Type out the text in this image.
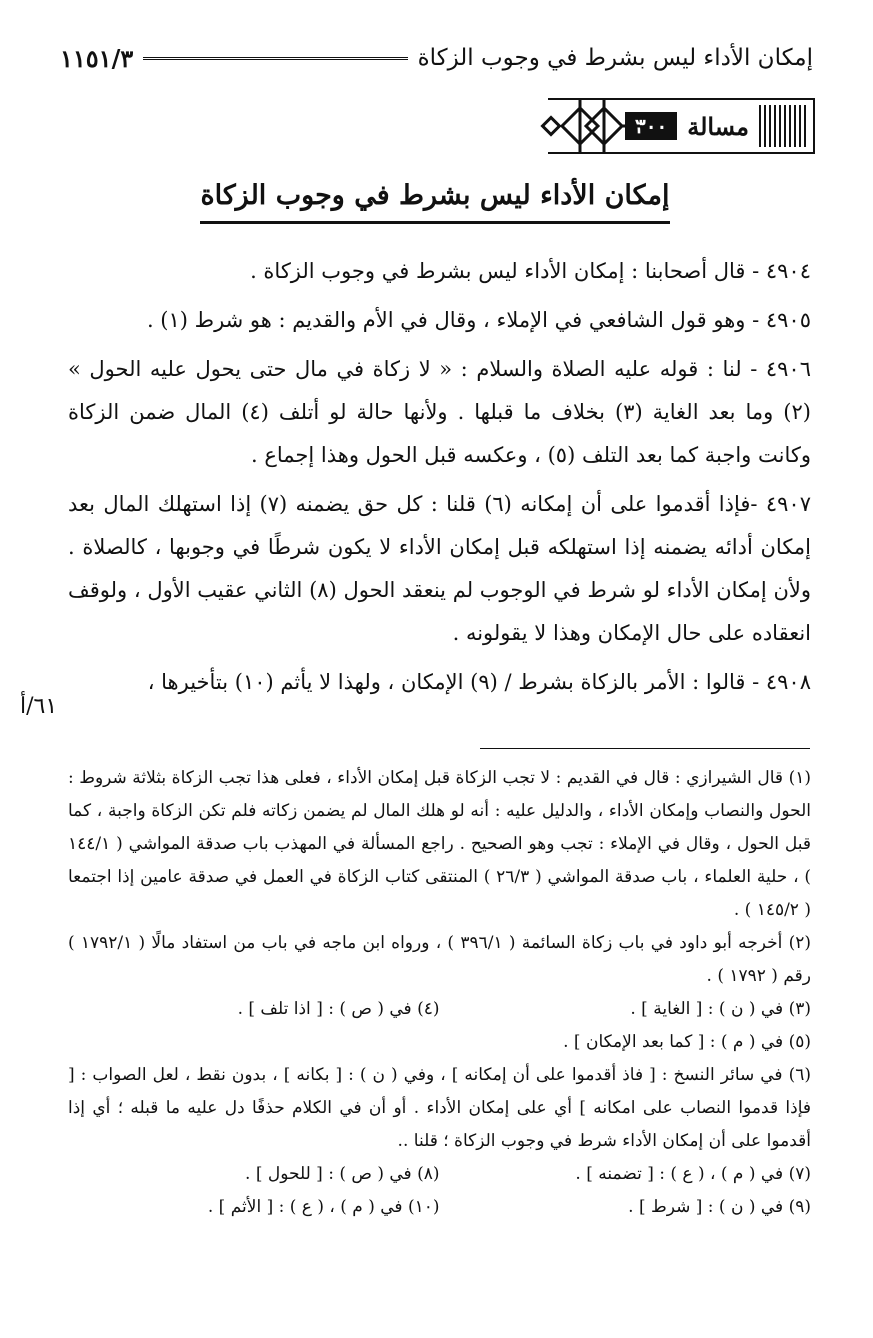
إمكان الأداء ليس بشرط في وجوب الزكاة
١١٥١/٣
مسالة
٣٠٠
إمكان الأداء ليس بشرط في وجوب الزكاة

٤٩٠٤ - قال أصحابنا : إمكان الأداء ليس بشرط في وجوب الزكاة .

٤٩٠٥ - وهو قول الشافعي في الإملاء ، وقال في الأم والقديم : هو شرط (١) .

٤٩٠٦ - لنا : قوله عليه الصلاة والسلام : « لا زكاة في مال حتى يحول عليه الحول » (٢) وما بعد الغاية (٣) بخلاف ما قبلها . ولأنها حالة لو أتلف (٤) المال ضمن الزكاة وكانت واجبة كما بعد التلف (٥) ، وعكسه قبل الحول وهذا إجماع .

٤٩٠٧ -فإذا أقدموا على أن إمكانه (٦) قلنا : كل حق يضمنه (٧) إذا استهلك المال بعد إمكان أدائه يضمنه إذا استهلكه قبل إمكان الأداء لا يكون شرطًا في وجوبها ، كالصلاة . ولأن إمكان الأداء لو شرط في الوجوب لم ينعقد الحول (٨) الثاني عقيب الأول ، ولوقف انعقاده على حال الإمكان وهذا لا يقولونه .

٤٩٠٨ - قالوا : الأمر بالزكاة بشرط / (٩) الإمكان ، ولهذا لا يأثم (١٠) بتأخيرها ،

٦١/أ

(١) قال الشيرازي : قال في القديم : لا تجب الزكاة قبل إمكان الأداء ، فعلى هذا تجب الزكاة بثلاثة شروط : الحول والنصاب وإمكان الأداء ، والدليل عليه : أنه لو هلك المال لم يضمن زكاته فلم تكن الزكاة واجبة ، كما قبل الحول ، وقال في الإملاء : تجب وهو الصحيح . راجع المسألة في المهذب باب صدقة المواشي ( ١٤٤/١ ) ، حلية العلماء ، باب صدقة المواشي ( ٢٦/٣ ) المنتقى كتاب الزكاة في العمل في صدقة عامين إذا اجتمعا ( ١٤٥/٢ ) .

(٢) أخرجه أبو داود في باب زكاة السائمة ( ٣٩٦/١ ) ، ورواه ابن ماجه في باب من استفاد مالًا ( ١٧٩٢/١ ) رقم ( ١٧٩٢ ) .

(٣) في ( ن ) : [ الغاية ] .

(٤) في ( ص ) : [ اذا تلف ] .

(٥) في ( م ) : [ كما بعد الإمكان ] .

(٦) في سائر النسخ : [ فاذ أقدموا على أن إمكانه ] ، وفي ( ن ) : [ بكانه ] ، بدون نقط ، لعل الصواب : [ فإذا قدموا النصاب على امكانه ] أي على إمكان الأداء . أو أن في الكلام حذفًا دل عليه ما قبله ؛ أي إذا أقدموا على أن إمكان الأداء شرط في وجوب الزكاة ؛ قلنا ..

(٧) في ( م ) ، ( ع ) : [ تضمنه ] .

(٨) في ( ص ) : [ للحول ] .

(٩) في ( ن ) : [ شرط ] .

(١٠) في ( م ) ، ( ع ) : [ الأثم ] .
